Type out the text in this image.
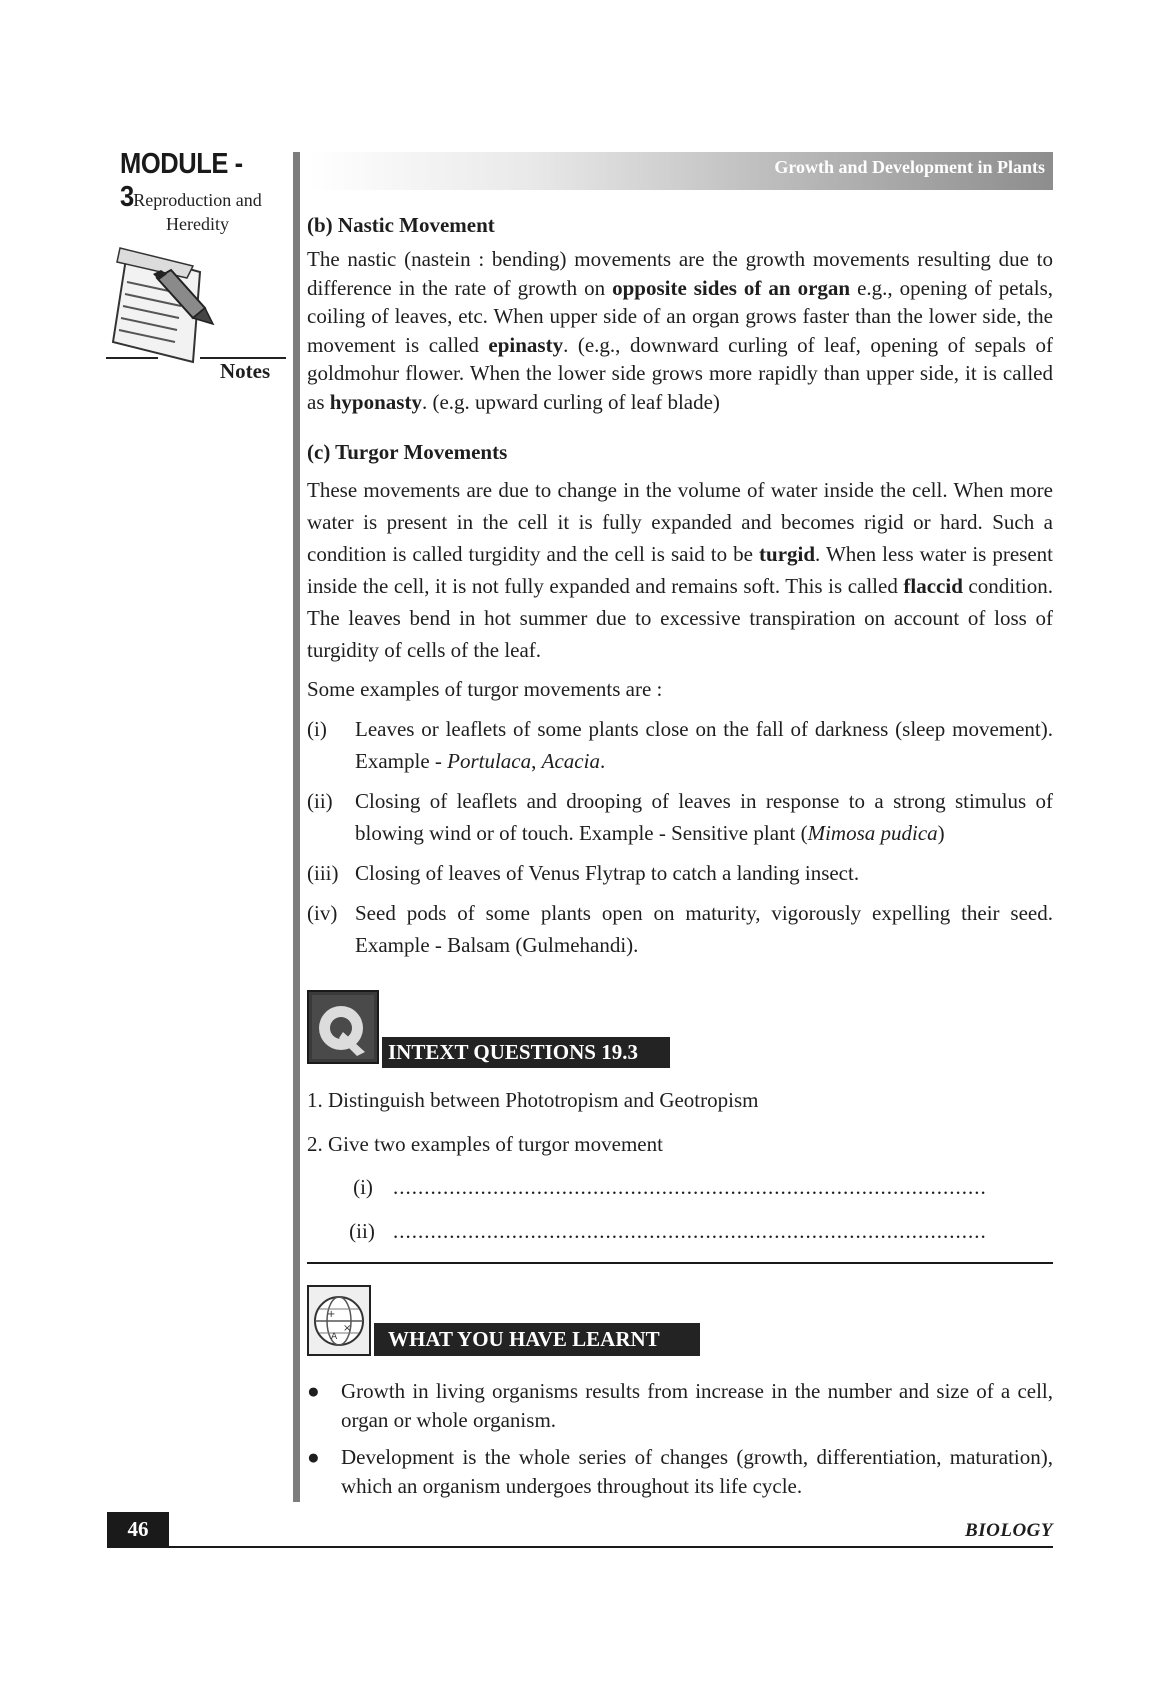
MODULE - 3 Reproduction and
Heredity
Notes
Growth and Development in Plants
(b) Nastic Movement
The nastic (nastein : bending) movements are the growth movements resulting due to difference in the rate of growth on opposite sides of an organ e.g., opening of petals, coiling of leaves, etc. When upper side of an organ grows faster than the lower side, the movement is called epinasty. (e.g., downward curling of leaf, opening of sepals of goldmohur flower. When the lower side grows more rapidly than upper side, it is called as hyponasty. (e.g. upward curling of leaf blade)
(c) Turgor Movements
These movements are due to change in the volume of water inside the cell. When more water is present in the cell it is fully expanded and becomes rigid or hard. Such a condition is called turgidity and the cell is said to be turgid. When less water is present inside the cell, it is not fully expanded and remains soft. This is called flaccid condition. The leaves bend in hot summer due to excessive transpiration on account of loss of turgidity of cells of the leaf.
Some examples of turgor movements are :
(i) Leaves or leaflets of some plants close on the fall of darkness (sleep movement). Example - Portulaca, Acacia.
(ii) Closing of leaflets and drooping of leaves in response to a strong stimulus of blowing wind or of touch. Example - Sensitive plant (Mimosa pudica)
(iii) Closing of leaves of Venus Flytrap to catch a landing insect.
(iv) Seed pods of some plants open on maturity, vigorously expelling their seed. Example - Balsam (Gulmehandi).
INTEXT QUESTIONS 19.3
1. Distinguish between Phototropism and Geotropism
2. Give two examples of turgor movement
(i) ...............................................................................................
(ii) ...............................................................................................
+
×
A	WHAT YOU HAVE LEARNT
● Growth in living organisms results from increase in the number and size of a cell, organ or whole organism.
● Development is the whole series of changes (growth, differentiation, maturation), which an organism undergoes throughout its life cycle.
46	BIOLOGY
